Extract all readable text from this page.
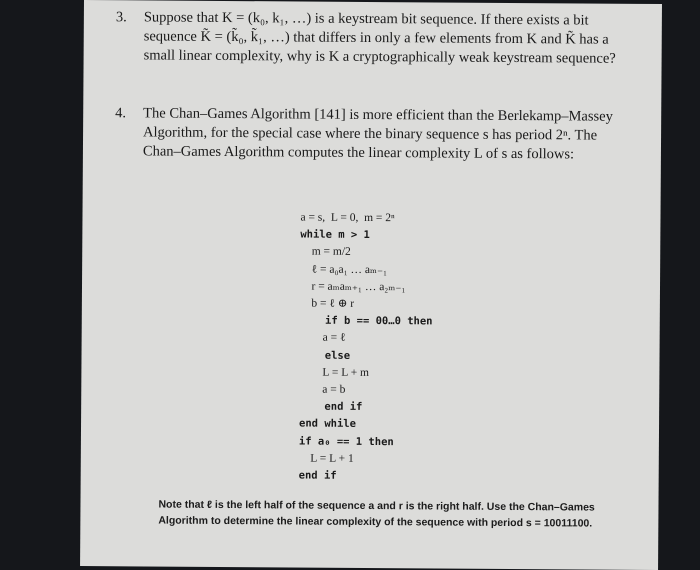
3. Suppose that K = (k₀, k₁, …) is a keystream bit sequence. If there exists a bit sequence K̃ = (k̃₀, k̃₁, …) that differs in only a few elements from K and K̃ has a small linear complexity, why is K a cryptographically weak keystream sequence?
4. The Chan–Games Algorithm [141] is more efficient than the Berlekamp–Massey Algorithm, for the special case where the binary sequence s has period 2ⁿ. The Chan–Games Algorithm computes the linear complexity L of s as follows:
a = s,  L = 0,  m = 2ⁿ
while m > 1
m = m/2
ℓ = a₀a₁ … aₘ₋₁
r = aₘaₘ₊₁ … a₂ₘ₋₁
b = ℓ ⊕ r
if b == 00…0 then
a = ℓ
else
L = L + m
a = b
end if
end while
if a₀ == 1 then
L = L + 1
end if
Note that ℓ is the left half of the sequence a and r is the right half. Use the Chan–Games Algorithm to determine the linear complexity of the sequence with period s = 10011100.
